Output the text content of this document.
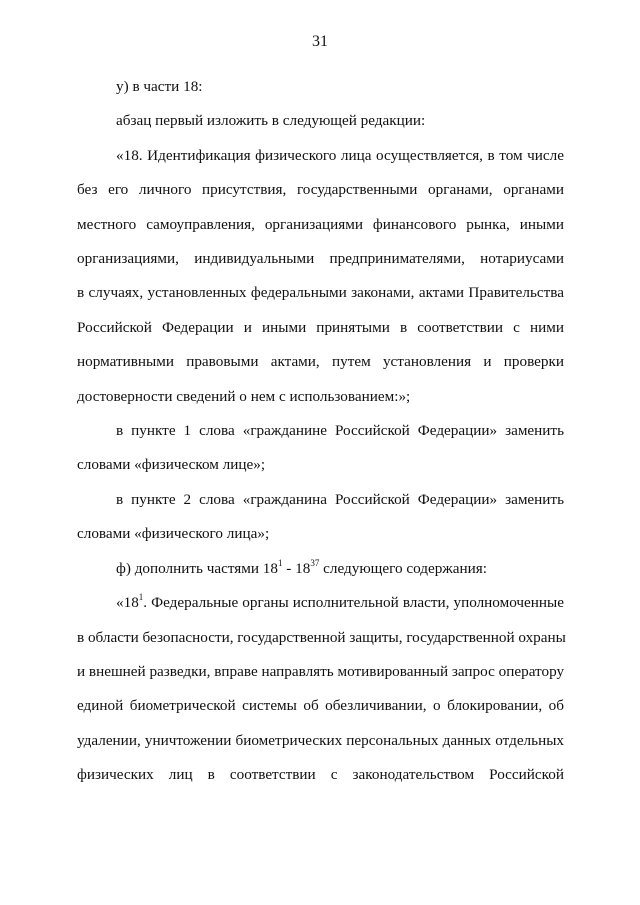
31

у) в части 18:

абзац первый изложить в следующей редакции:

«18. Идентификация физического лица осуществляется, в том числе
без его личного присутствия, государственными органами, органами
местного самоуправления, организациями финансового рынка, иными
организациями, индивидуальными предпринимателями, нотариусами
в случаях, установленных федеральными законами, актами Правительства
Российской Федерации и иными принятыми в соответствии с ними
нормативными правовыми актами, путем установления и проверки
достоверности сведений о нем с использованием:»;
в пункте 1 слова «гражданине Российской Федерации» заменить
словами «физическом лице»;
в пункте 2 слова «гражданина Российской Федерации» заменить
словами «физического лица»;
ф) дополнить частями $18^1 - 18^{37}$ следующего содержания:
«$18^1$. Федеральные органы исполнительной власти, уполномоченные
в области безопасности, государственной защиты, государственной охраны
и внешней разведки, вправе направлять мотивированный запрос оператору
единой биометрической системы об обезличивании, о блокировании, об
удалении, уничтожении биометрических персональных данных отдельных
физических лиц в соответствии с законодательством Российской
